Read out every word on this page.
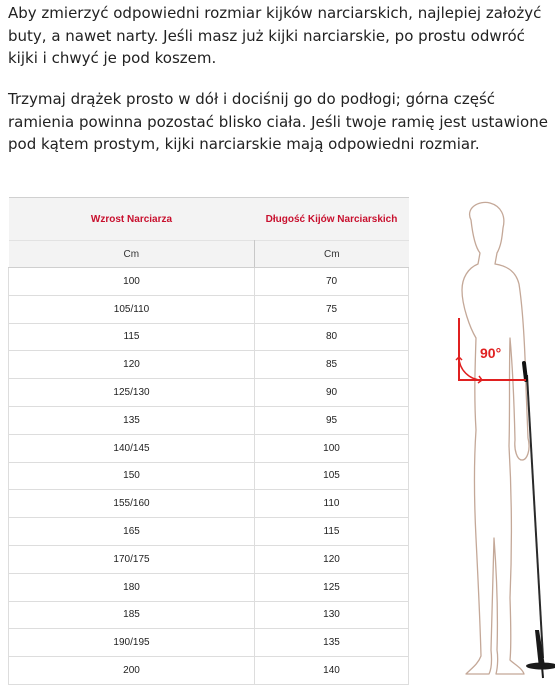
Aby zmierzyć odpowiedni rozmiar kijków narciarskich, najlepiej założyć buty, a nawet narty. Jeśli masz już kijki narciarskie, po prostu odwróć kijki i chwyć je pod koszem.

Trzymaj drążek prosto w dół i dociśnij go do podłogi; górna część ramienia powinna pozostać blisko ciała. Jeśli twoje ramię jest ustawione pod kątem prostym, kijki narciarskie mają odpowiedni rozmiar.

Wzrost Narciarza	Długość Kijów Narciarskich
Cm	Cm
100	70
105/110	75
115	80
120	85
125/130	90
135	95
140/145	100
150	105
155/160	110
165	115
170/175	120
180	125
185	130
190/195	135
200	140
90°
